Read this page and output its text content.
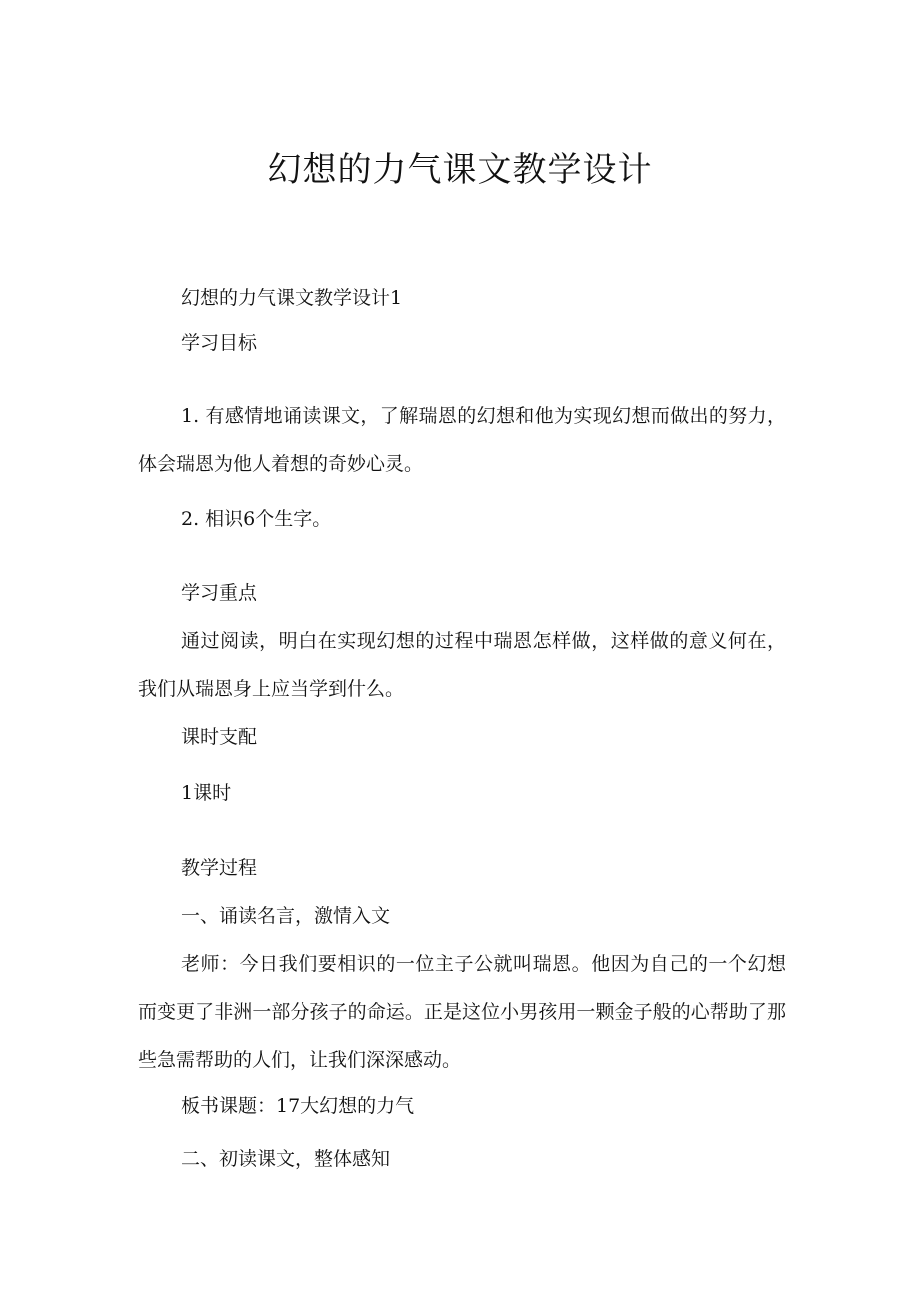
幻想的力气课文教学设计

幻想的力气课文教学设计1

学习目标

1. 有感情地诵读课文，了解瑞恩的幻想和他为实现幻想而做出的努力，体会瑞恩为他人着想的奇妙心灵。

2. 相识6个生字。

学习重点

通过阅读，明白在实现幻想的过程中瑞恩怎样做，这样做的意义何在，我们从瑞恩身上应当学到什么。

课时支配

1课时

教学过程

一、诵读名言，激情入文

老师：今日我们要相识的一位主子公就叫瑞恩。他因为自己的一个幻想而变更了非洲一部分孩子的命运。正是这位小男孩用一颗金子般的心帮助了那些急需帮助的人们，让我们深深感动。

板书课题：17大幻想的力气

二、初读课文，整体感知
